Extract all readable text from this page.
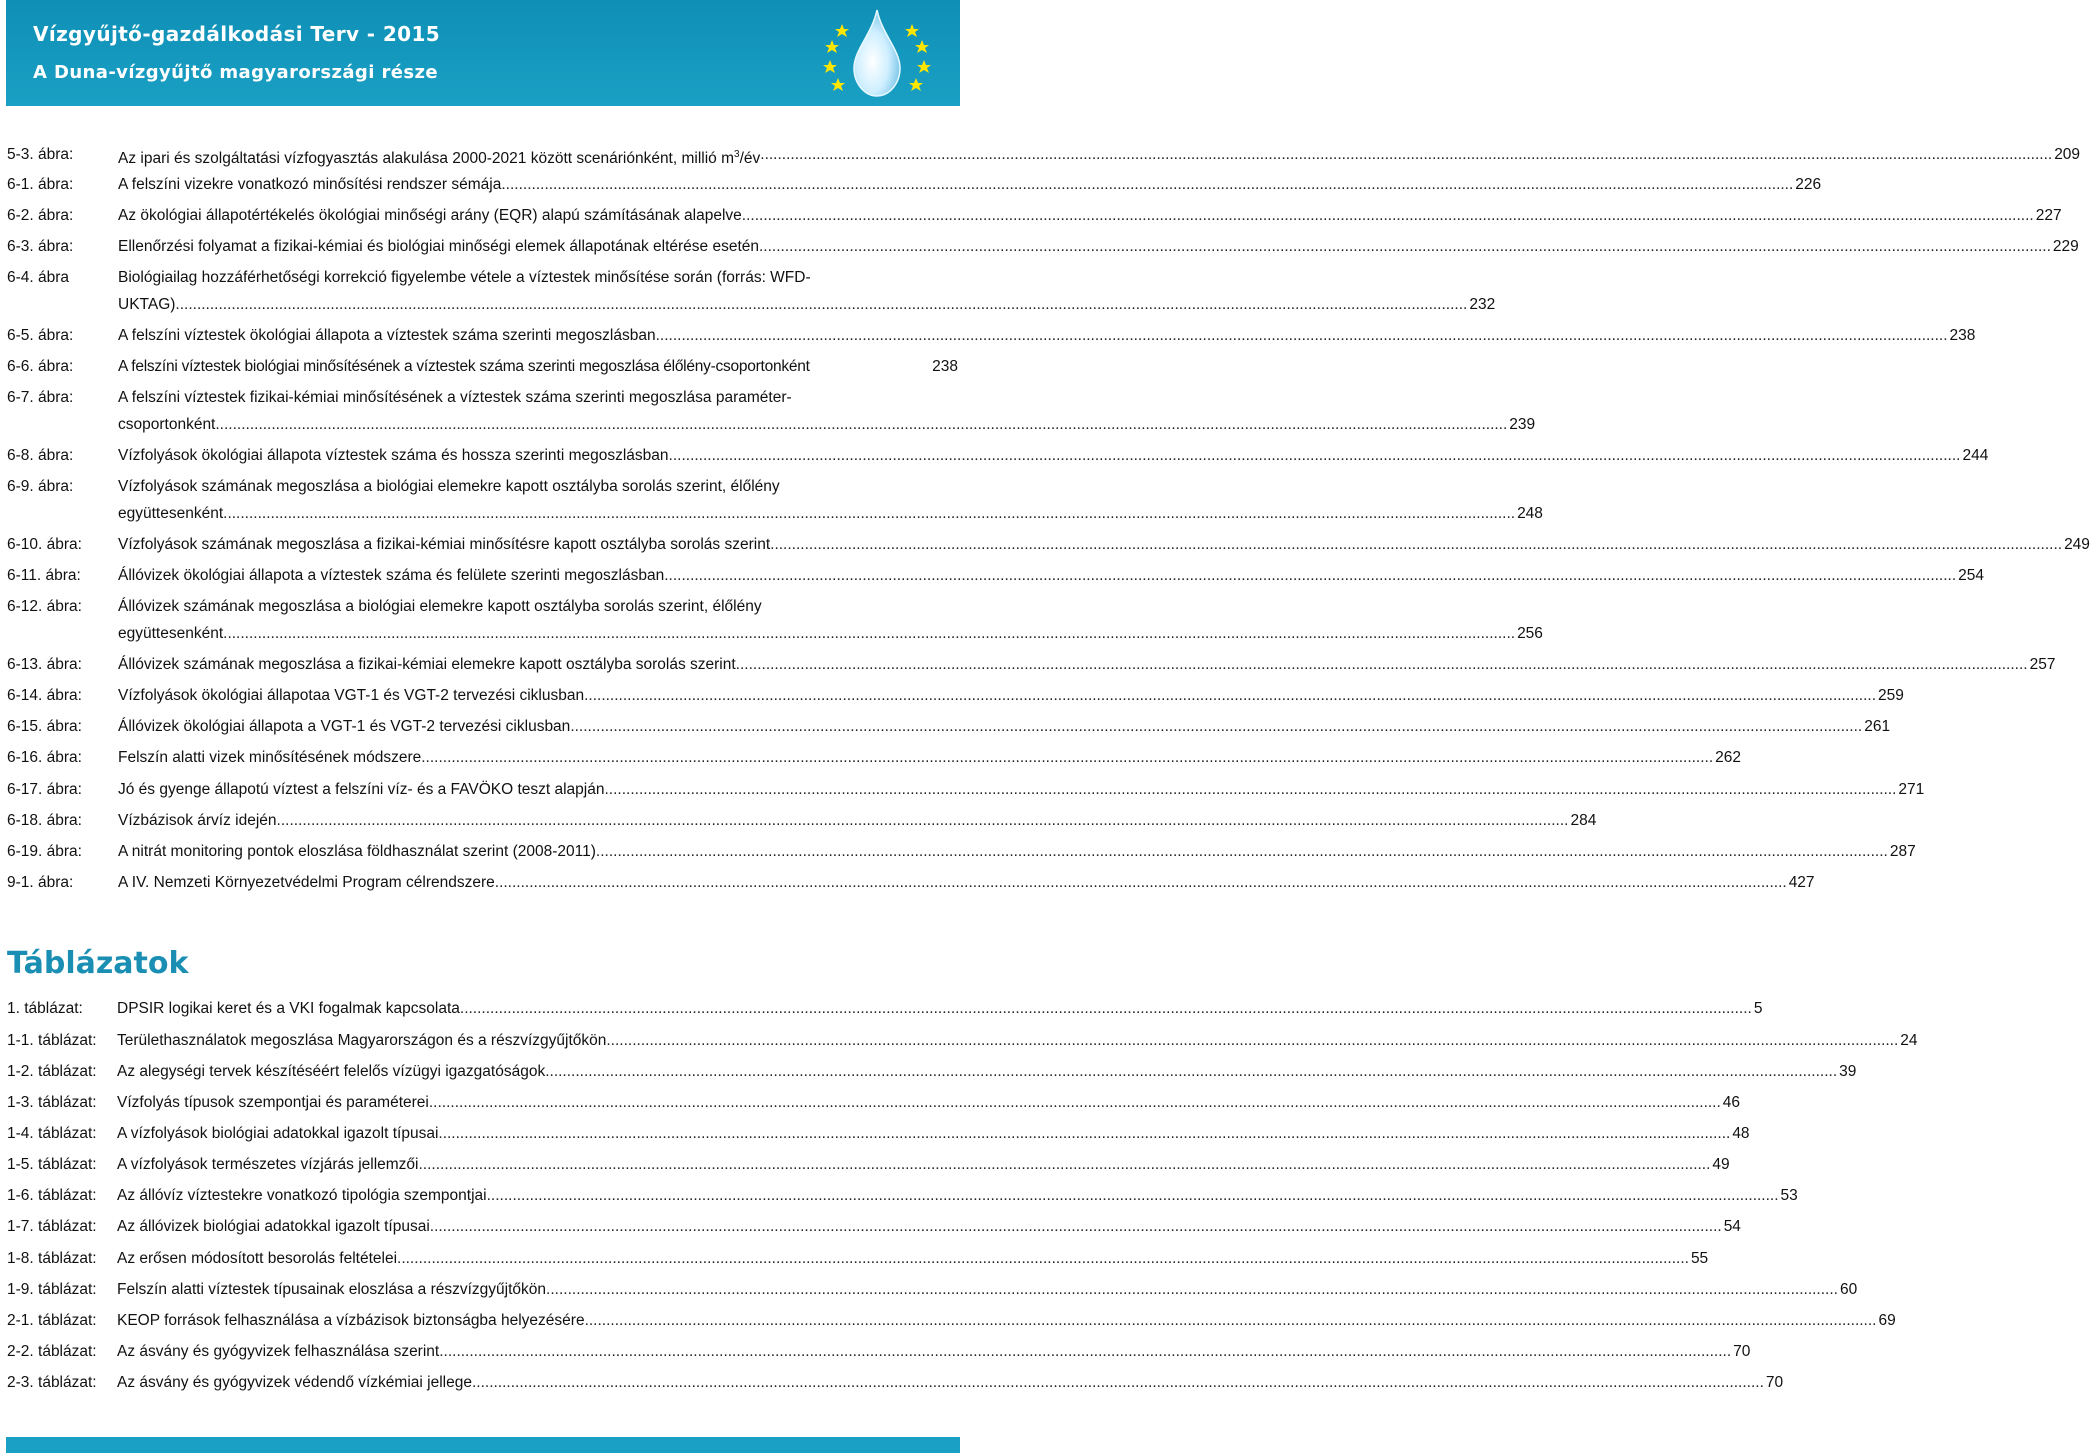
Vízgyűjtő-gazdálkodási Terv - 2015
A Duna-vízgyűjtő magyarországi része
5-3. ábra:	Az ipari és szolgáltatási vízfogyasztás alakulása 2000-2021 között scenáriónként, millió $m^3/év$ ............................................................................................................................................................................................................................................................................................................ 209
6-1. ábra:	A felszíni vizekre vonatkozó minősítési rendszer sémája ............................................................................................................................................................................................................................................................................................................ 226
6-2. ábra:	Az ökológiai állapotértékelés ökológiai minőségi arány (EQR) alapú számításának alapelve ............................................................................................................................................................................................................................................................................................................ 227
6-3. ábra:	Ellenőrzési folyamat a fizikai-kémiai és biológiai minőségi elemek állapotának eltérése esetén ............................................................................................................................................................................................................................................................................................................ 229
6-4. ábra	Biológiailag hozzáférhetőségi korrekció figyelembe vétele a víztestek minősítése során (forrás: WFD-
UKTAG) ............................................................................................................................................................................................................................................................................................................ 232
6-5. ábra:	A felszíni víztestek ökológiai állapota a víztestek száma szerinti megoszlásban ............................................................................................................................................................................................................................................................................................................ 238
6-6. ábra:	A felszíni víztestek biológiai minősítésének a víztestek száma szerinti megoszlása élőlény-csoportonként	238
6-7. ábra:	A felszíni víztestek fizikai-kémiai minősítésének a víztestek száma szerinti megoszlása paraméter-
csoportonként ............................................................................................................................................................................................................................................................................................................ 239
6-8. ábra:	Vízfolyások ökológiai állapota víztestek száma és hossza szerinti megoszlásban ............................................................................................................................................................................................................................................................................................................ 244
6-9. ábra:	Vízfolyások számának megoszlása a biológiai elemekre kapott osztályba sorolás szerint, élőlény
együttesenként ............................................................................................................................................................................................................................................................................................................ 248
6-10. ábra: Vízfolyások számának megoszlása a fizikai-kémiai minősítésre kapott osztályba sorolás szerint ............................................................................................................................................................................................................................................................................................................ 249
6-11. ábra: Állóvizek ökológiai állapota a víztestek száma és felülete szerinti megoszlásban ............................................................................................................................................................................................................................................................................................................ 254
6-12. ábra: Állóvizek számának megoszlása a biológiai elemekre kapott osztályba sorolás szerint, élőlény
együttesenként ............................................................................................................................................................................................................................................................................................................ 256
6-13. ábra: Állóvizek számának megoszlása a fizikai-kémiai elemekre kapott osztályba sorolás szerint ............................................................................................................................................................................................................................................................................................................ 257
6-14. ábra: Vízfolyások ökológiai állapotaa VGT-1 és VGT-2 tervezési ciklusban ............................................................................................................................................................................................................................................................................................................ 259
6-15. ábra: Állóvizek ökológiai állapota a VGT-1 és VGT-2 tervezési ciklusban ............................................................................................................................................................................................................................................................................................................ 261
6-16. ábra: Felszín alatti vizek minősítésének módszere ............................................................................................................................................................................................................................................................................................................ 262
6-17. ábra: Jó és gyenge állapotú víztest a felszíni víz- és a FAVÖKO teszt alapján ............................................................................................................................................................................................................................................................................................................ 271
6-18. ábra: Vízbázisok árvíz idején ............................................................................................................................................................................................................................................................................................................ 284
6-19. ábra: A nitrát monitoring pontok eloszlása földhasználat szerint (2008-2011) ............................................................................................................................................................................................................................................................................................................ 287
9-1. ábra:	A IV. Nemzeti Környezetvédelmi Program célrendszere ............................................................................................................................................................................................................................................................................................................ 427
Táblázatok
1. táblázat: DPSIR logikai keret és a VKI fogalmak kapcsolata ............................................................................................................................................................................................................................................................................................................ 5
1-1. táblázat: Területhasználatok megoszlása Magyarországon és a részvízgyűjtőkön ............................................................................................................................................................................................................................................................................................................ 24
1-2. táblázat: Az alegységi tervek készítéséért felelős vízügyi igazgatóságok ............................................................................................................................................................................................................................................................................................................ 39
1-3. táblázat: Vízfolyás típusok szempontjai és paraméterei ............................................................................................................................................................................................................................................................................................................ 46
1-4. táblázat: A vízfolyások biológiai adatokkal igazolt típusai ............................................................................................................................................................................................................................................................................................................ 48
1-5. táblázat: A vízfolyások természetes vízjárás jellemzői ............................................................................................................................................................................................................................................................................................................ 49
1-6. táblázat: Az állóvíz víztestekre vonatkozó tipológia szempontjai ............................................................................................................................................................................................................................................................................................................ 53
1-7. táblázat: Az állóvizek biológiai adatokkal igazolt típusai ............................................................................................................................................................................................................................................................................................................ 54
1-8. táblázat: Az erősen módosított besorolás feltételei ............................................................................................................................................................................................................................................................................................................ 55
1-9. táblázat: Felszín alatti víztestek típusainak eloszlása a részvízgyűjtőkön ............................................................................................................................................................................................................................................................................................................ 60
2-1. táblázat: KEOP források felhasználása a vízbázisok biztonságba helyezésére ............................................................................................................................................................................................................................................................................................................ 69
2-2. táblázat: Az ásvány és gyógyvizek felhasználása szerint ............................................................................................................................................................................................................................................................................................................ 70
2-3. táblázat: Az ásvány és gyógyvizek védendő vízkémiai jellege ............................................................................................................................................................................................................................................................................................................ 70
